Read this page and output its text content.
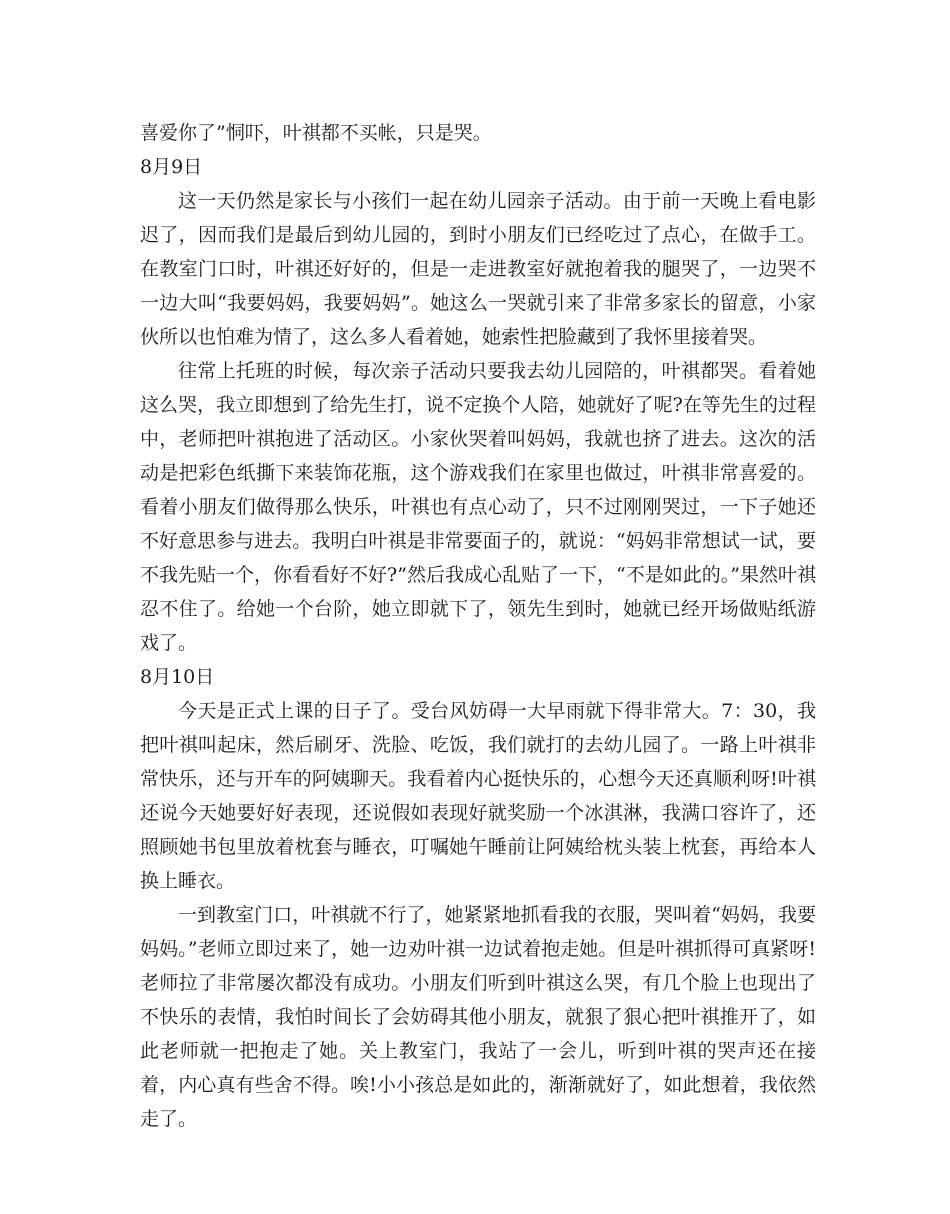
喜爱你了”恫吓，叶祺都不买帐，只是哭。

8月9日

这一天仍然是家长与小孩们一起在幼儿园亲子活动。由于前一天晚上看电影迟了，因而我们是最后到幼儿园的，到时小朋友们已经吃过了点心，在做手工。在教室门口时，叶祺还好好的，但是一走进教室好就抱着我的腿哭了，一边哭不一边大叫“我要妈妈，我要妈妈”。她这么一哭就引来了非常多家长的留意，小家伙所以也怕难为情了，这么多人看着她，她索性把脸藏到了我怀里接着哭。

往常上托班的时候，每次亲子活动只要我去幼儿园陪的，叶祺都哭。看着她这么哭，我立即想到了给先生打，说不定换个人陪，她就好了呢?在等先生的过程中，老师把叶祺抱进了活动区。小家伙哭着叫妈妈，我就也挤了进去。这次的活动是把彩色纸撕下来装饰花瓶，这个游戏我们在家里也做过，叶祺非常喜爱的。看着小朋友们做得那么快乐，叶祺也有点心动了，只不过刚刚哭过，一下子她还不好意思参与进去。我明白叶祺是非常要面子的，就说：“妈妈非常想试一试，要不我先贴一个，你看看好不好?”然后我成心乱贴了一下，“不是如此的。”果然叶祺忍不住了。给她一个台阶，她立即就下了，领先生到时，她就已经开场做贴纸游戏了。

8月10日

今天是正式上课的日子了。受台风妨碍一大早雨就下得非常大。7：30，我把叶祺叫起床，然后刷牙、洗脸、吃饭，我们就打的去幼儿园了。一路上叶祺非常快乐，还与开车的阿姨聊天。我看着内心挺快乐的，心想今天还真顺利呀!叶祺还说今天她要好好表现，还说假如表现好就奖励一个冰淇淋，我满口容许了，还照顾她书包里放着枕套与睡衣，叮嘱她午睡前让阿姨给枕头装上枕套，再给本人换上睡衣。

一到教室门口，叶祺就不行了，她紧紧地抓看我的衣服，哭叫着“妈妈，我要妈妈。”老师立即过来了，她一边劝叶祺一边试着抱走她。但是叶祺抓得可真紧呀!老师拉了非常屡次都没有成功。小朋友们听到叶祺这么哭，有几个脸上也现出了不快乐的表情，我怕时间长了会妨碍其他小朋友，就狠了狠心把叶祺推开了，如此老师就一把抱走了她。关上教室门，我站了一会儿，听到叶祺的哭声还在接着，内心真有些舍不得。唉!小小孩总是如此的，渐渐就好了，如此想着，我依然走了。
